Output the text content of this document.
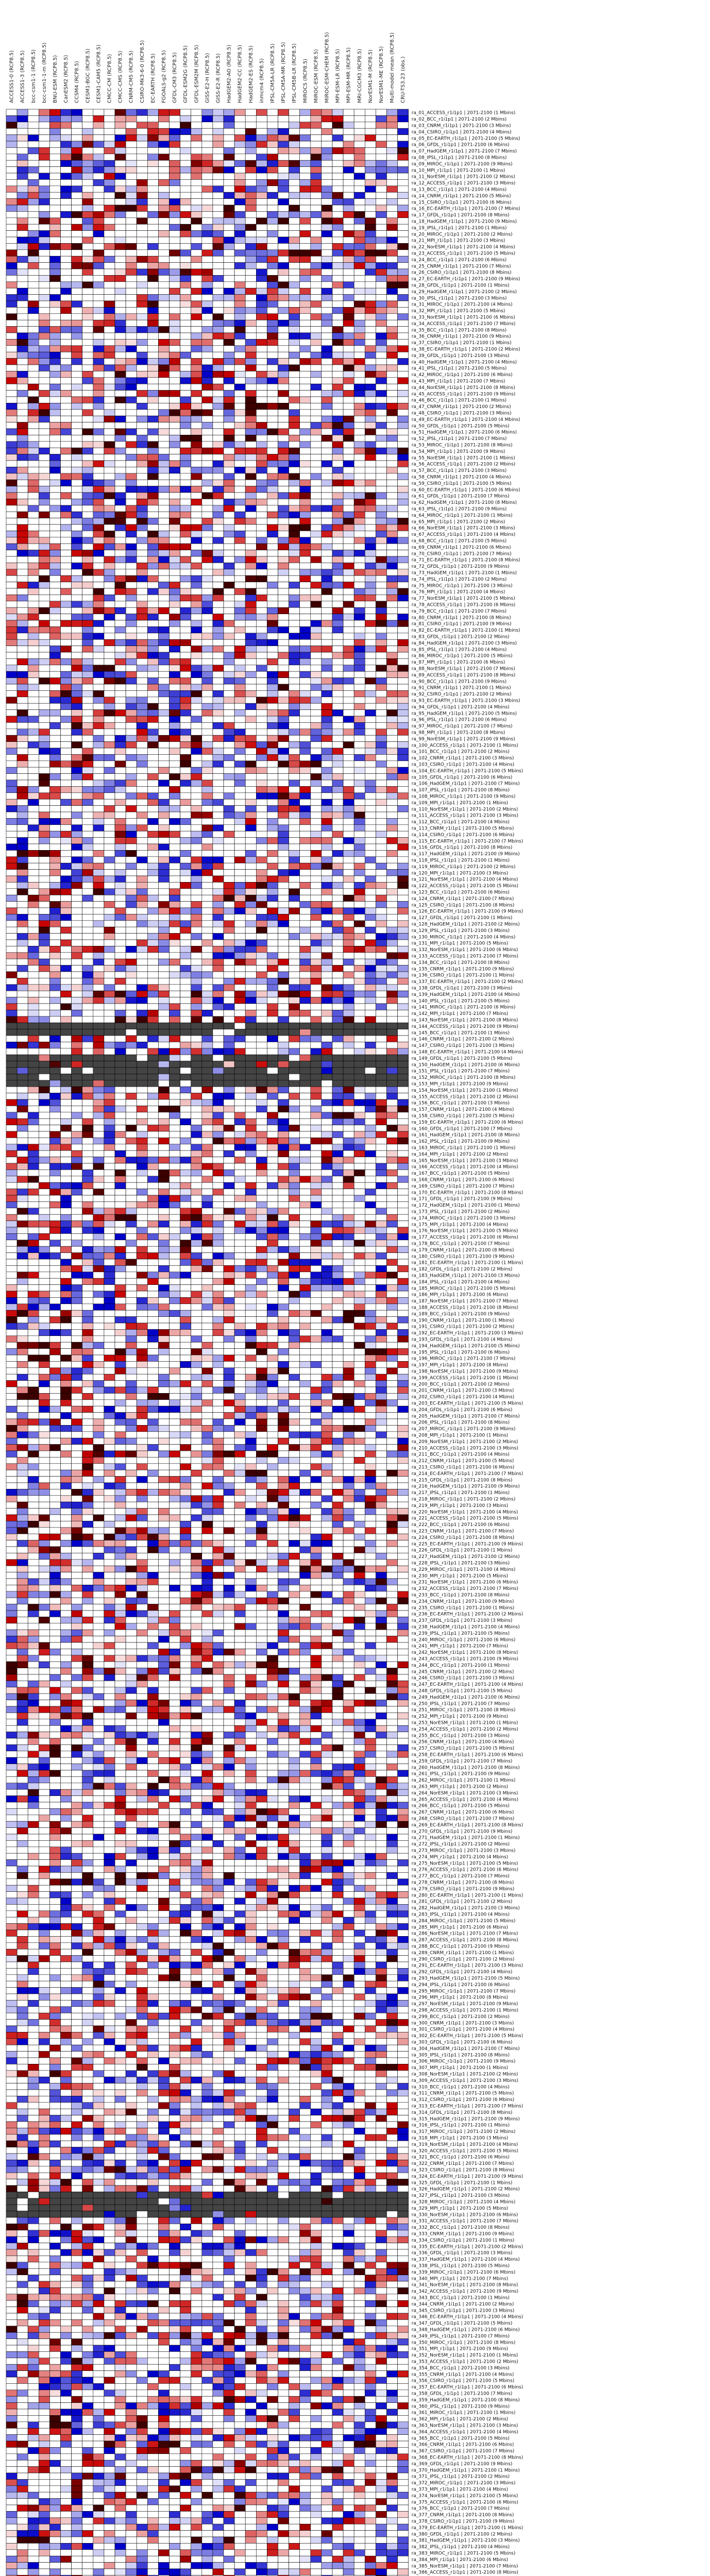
ACCESS1-0 (RCP8.5) ACCESS1-3 (RCP8.5) bcc-csm1-1 (RCP8.5) bcc-csm1-1-m (RCP8.5) BNU-ESM (RCP8.5) CanESM2 (RCP8.5) CCSM4 (RCP8.5) CESM1-BGC (RCP8.5) CESM1-CAM5 (RCP8.5) CMCC-CM (RCP8.5) CMCC-CMS (RCP8.5) CNRM-CM5 (RCP8.5) CSIRO-Mk3-6-0 (RCP8.5) EC-EARTH (RCP8.5) FGOALS-g2 (RCP8.5) GFDL-CM3 (RCP8.5) GFDL-ESM2G (RCP8.5) GFDL-ESM2M (RCP8.5) GISS-E2-H (RCP8.5) GISS-E2-R (RCP8.5) HadGEM2-AO (RCP8.5) HadGEM2-CC (RCP8.5) HadGEM2-ES (RCP8.5) inmcm4 (RCP8.5) IPSL-CM5A-LR (RCP8.5) IPSL-CM5A-MR (RCP8.5) IPSL-CM5B-LR (RCP8.5) MIROC5 (RCP8.5) MIROC-ESM (RCP8.5) MIROC-ESM-CHEM (RCP8.5) MPI-ESM-LR (RCP8.5) MPI-ESM-MR (RCP8.5) MRI-CGCM3 (RCP8.5) NorESM1-M (RCP8.5) NorESM1-ME (RCP8.5) Multi-model mean (RCP8.5) CRU-TS3.23 (obs.)
ra_01_ACCESS_r1i1p1 | 2071-2100 (1 Mbins)
ra_02_BCC_r1i1p1 | 2071-2100 (2 Mbins)
ra_03_CNRM_r1i1p1 | 2071-2100 (3 Mbins)
ra_04_CSIRO_r1i1p1 | 2071-2100 (4 Mbins)
ra_05_EC-EARTH_r1i1p1 | 2071-2100 (5 Mbins)
ra_06_GFDL_r1i1p1 | 2071-2100 (6 Mbins)
ra_07_HadGEM_r1i1p1 | 2071-2100 (7 Mbins)
ra_08_IPSL_r1i1p1 | 2071-2100 (8 Mbins)
ra_09_MIROC_r1i1p1 | 2071-2100 (9 Mbins)
ra_10_MPI_r1i1p1 | 2071-2100 (1 Mbins)
ra_11_NorESM_r1i1p1 | 2071-2100 (2 Mbins)
ra_12_ACCESS_r1i1p1 | 2071-2100 (3 Mbins)
ra_13_BCC_r1i1p1 | 2071-2100 (4 Mbins)
ra_14_CNRM_r1i1p1 | 2071-2100 (5 Mbins)
ra_15_CSIRO_r1i1p1 | 2071-2100 (6 Mbins)
ra_16_EC-EARTH_r1i1p1 | 2071-2100 (7 Mbins)
ra_17_GFDL_r1i1p1 | 2071-2100 (8 Mbins)
ra_18_HadGEM_r1i1p1 | 2071-2100 (9 Mbins)
ra_19_IPSL_r1i1p1 | 2071-2100 (1 Mbins)
ra_20_MIROC_r1i1p1 | 2071-2100 (2 Mbins)
ra_21_MPI_r1i1p1 | 2071-2100 (3 Mbins)
ra_22_NorESM_r1i1p1 | 2071-2100 (4 Mbins)
ra_23_ACCESS_r1i1p1 | 2071-2100 (5 Mbins)
ra_24_BCC_r1i1p1 | 2071-2100 (6 Mbins)
ra_25_CNRM_r1i1p1 | 2071-2100 (7 Mbins)
ra_26_CSIRO_r1i1p1 | 2071-2100 (8 Mbins)
ra_27_EC-EARTH_r1i1p1 | 2071-2100 (9 Mbins)
ra_28_GFDL_r1i1p1 | 2071-2100 (1 Mbins)
ra_29_HadGEM_r1i1p1 | 2071-2100 (2 Mbins)
ra_30_IPSL_r1i1p1 | 2071-2100 (3 Mbins)
ra_31_MIROC_r1i1p1 | 2071-2100 (4 Mbins)
ra_32_MPI_r1i1p1 | 2071-2100 (5 Mbins)
ra_33_NorESM_r1i1p1 | 2071-2100 (6 Mbins)
ra_34_ACCESS_r1i1p1 | 2071-2100 (7 Mbins)
ra_35_BCC_r1i1p1 | 2071-2100 (8 Mbins)
ra_36_CNRM_r1i1p1 | 2071-2100 (9 Mbins)
ra_37_CSIRO_r1i1p1 | 2071-2100 (1 Mbins)
ra_38_EC-EARTH_r1i1p1 | 2071-2100 (2 Mbins)
ra_39_GFDL_r1i1p1 | 2071-2100 (3 Mbins)
ra_40_HadGEM_r1i1p1 | 2071-2100 (4 Mbins)
ra_41_IPSL_r1i1p1 | 2071-2100 (5 Mbins)
ra_42_MIROC_r1i1p1 | 2071-2100 (6 Mbins)
ra_43_MPI_r1i1p1 | 2071-2100 (7 Mbins)
ra_44_NorESM_r1i1p1 | 2071-2100 (8 Mbins)
ra_45_ACCESS_r1i1p1 | 2071-2100 (9 Mbins)
ra_46_BCC_r1i1p1 | 2071-2100 (1 Mbins)
ra_47_CNRM_r1i1p1 | 2071-2100 (2 Mbins)
ra_48_CSIRO_r1i1p1 | 2071-2100 (3 Mbins)
ra_49_EC-EARTH_r1i1p1 | 2071-2100 (4 Mbins)
ra_50_GFDL_r1i1p1 | 2071-2100 (5 Mbins)
ra_51_HadGEM_r1i1p1 | 2071-2100 (6 Mbins)
ra_52_IPSL_r1i1p1 | 2071-2100 (7 Mbins)
ra_53_MIROC_r1i1p1 | 2071-2100 (8 Mbins)
ra_54_MPI_r1i1p1 | 2071-2100 (9 Mbins)
ra_55_NorESM_r1i1p1 | 2071-2100 (1 Mbins)
ra_56_ACCESS_r1i1p1 | 2071-2100 (2 Mbins)
ra_57_BCC_r1i1p1 | 2071-2100 (3 Mbins)
ra_58_CNRM_r1i1p1 | 2071-2100 (4 Mbins)
ra_59_CSIRO_r1i1p1 | 2071-2100 (5 Mbins)
ra_60_EC-EARTH_r1i1p1 | 2071-2100 (6 Mbins)
ra_61_GFDL_r1i1p1 | 2071-2100 (7 Mbins)
ra_62_HadGEM_r1i1p1 | 2071-2100 (8 Mbins)
ra_63_IPSL_r1i1p1 | 2071-2100 (9 Mbins)
ra_64_MIROC_r1i1p1 | 2071-2100 (1 Mbins)
ra_65_MPI_r1i1p1 | 2071-2100 (2 Mbins)
ra_66_NorESM_r1i1p1 | 2071-2100 (3 Mbins)
ra_67_ACCESS_r1i1p1 | 2071-2100 (4 Mbins)
ra_68_BCC_r1i1p1 | 2071-2100 (5 Mbins)
ra_69_CNRM_r1i1p1 | 2071-2100 (6 Mbins)
ra_70_CSIRO_r1i1p1 | 2071-2100 (7 Mbins)
ra_71_EC-EARTH_r1i1p1 | 2071-2100 (8 Mbins)
ra_72_GFDL_r1i1p1 | 2071-2100 (9 Mbins)
ra_73_HadGEM_r1i1p1 | 2071-2100 (1 Mbins)
ra_74_IPSL_r1i1p1 | 2071-2100 (2 Mbins)
ra_75_MIROC_r1i1p1 | 2071-2100 (3 Mbins)
ra_76_MPI_r1i1p1 | 2071-2100 (4 Mbins)
ra_77_NorESM_r1i1p1 | 2071-2100 (5 Mbins)
ra_78_ACCESS_r1i1p1 | 2071-2100 (6 Mbins)
ra_79_BCC_r1i1p1 | 2071-2100 (7 Mbins)
ra_80_CNRM_r1i1p1 | 2071-2100 (8 Mbins)
ra_81_CSIRO_r1i1p1 | 2071-2100 (9 Mbins)
ra_82_EC-EARTH_r1i1p1 | 2071-2100 (1 Mbins)
ra_83_GFDL_r1i1p1 | 2071-2100 (2 Mbins)
ra_84_HadGEM_r1i1p1 | 2071-2100 (3 Mbins)
ra_85_IPSL_r1i1p1 | 2071-2100 (4 Mbins)
ra_86_MIROC_r1i1p1 | 2071-2100 (5 Mbins)
ra_87_MPI_r1i1p1 | 2071-2100 (6 Mbins)
ra_88_NorESM_r1i1p1 | 2071-2100 (7 Mbins)
ra_89_ACCESS_r1i1p1 | 2071-2100 (8 Mbins)
ra_90_BCC_r1i1p1 | 2071-2100 (9 Mbins)
ra_91_CNRM_r1i1p1 | 2071-2100 (1 Mbins)
ra_92_CSIRO_r1i1p1 | 2071-2100 (2 Mbins)
ra_93_EC-EARTH_r1i1p1 | 2071-2100 (3 Mbins)
ra_94_GFDL_r1i1p1 | 2071-2100 (4 Mbins)
ra_95_HadGEM_r1i1p1 | 2071-2100 (5 Mbins)
ra_96_IPSL_r1i1p1 | 2071-2100 (6 Mbins)
ra_97_MIROC_r1i1p1 | 2071-2100 (7 Mbins)
ra_98_MPI_r1i1p1 | 2071-2100 (8 Mbins)
ra_99_NorESM_r1i1p1 | 2071-2100 (9 Mbins)
ra_100_ACCESS_r1i1p1 | 2071-2100 (1 Mbins)
ra_101_BCC_r1i1p1 | 2071-2100 (2 Mbins)
ra_102_CNRM_r1i1p1 | 2071-2100 (3 Mbins)
ra_103_CSIRO_r1i1p1 | 2071-2100 (4 Mbins)
ra_104_EC-EARTH_r1i1p1 | 2071-2100 (5 Mbins)
ra_105_GFDL_r1i1p1 | 2071-2100 (6 Mbins)
ra_106_HadGEM_r1i1p1 | 2071-2100 (7 Mbins)
ra_107_IPSL_r1i1p1 | 2071-2100 (8 Mbins)
ra_108_MIROC_r1i1p1 | 2071-2100 (9 Mbins)
ra_109_MPI_r1i1p1 | 2071-2100 (1 Mbins)
ra_110_NorESM_r1i1p1 | 2071-2100 (2 Mbins)
ra_111_ACCESS_r1i1p1 | 2071-2100 (3 Mbins)
ra_112_BCC_r1i1p1 | 2071-2100 (4 Mbins)
ra_113_CNRM_r1i1p1 | 2071-2100 (5 Mbins)
ra_114_CSIRO_r1i1p1 | 2071-2100 (6 Mbins)
ra_115_EC-EARTH_r1i1p1 | 2071-2100 (7 Mbins)
ra_116_GFDL_r1i1p1 | 2071-2100 (8 Mbins)
ra_117_HadGEM_r1i1p1 | 2071-2100 (9 Mbins)
ra_118_IPSL_r1i1p1 | 2071-2100 (1 Mbins)
ra_119_MIROC_r1i1p1 | 2071-2100 (2 Mbins)
ra_120_MPI_r1i1p1 | 2071-2100 (3 Mbins)
ra_121_NorESM_r1i1p1 | 2071-2100 (4 Mbins)
ra_122_ACCESS_r1i1p1 | 2071-2100 (5 Mbins)
ra_123_BCC_r1i1p1 | 2071-2100 (6 Mbins)
ra_124_CNRM_r1i1p1 | 2071-2100 (7 Mbins)
ra_125_CSIRO_r1i1p1 | 2071-2100 (8 Mbins)
ra_126_EC-EARTH_r1i1p1 | 2071-2100 (9 Mbins)
ra_127_GFDL_r1i1p1 | 2071-2100 (1 Mbins)
ra_128_HadGEM_r1i1p1 | 2071-2100 (2 Mbins)
ra_129_IPSL_r1i1p1 | 2071-2100 (3 Mbins)
ra_130_MIROC_r1i1p1 | 2071-2100 (4 Mbins)
ra_131_MPI_r1i1p1 | 2071-2100 (5 Mbins)
ra_132_NorESM_r1i1p1 | 2071-2100 (6 Mbins)
ra_133_ACCESS_r1i1p1 | 2071-2100 (7 Mbins)
ra_134_BCC_r1i1p1 | 2071-2100 (8 Mbins)
ra_135_CNRM_r1i1p1 | 2071-2100 (9 Mbins)
ra_136_CSIRO_r1i1p1 | 2071-2100 (1 Mbins)
ra_137_EC-EARTH_r1i1p1 | 2071-2100 (2 Mbins)
ra_138_GFDL_r1i1p1 | 2071-2100 (3 Mbins)
ra_139_HadGEM_r1i1p1 | 2071-2100 (4 Mbins)
ra_140_IPSL_r1i1p1 | 2071-2100 (5 Mbins)
ra_141_MIROC_r1i1p1 | 2071-2100 (6 Mbins)
ra_142_MPI_r1i1p1 | 2071-2100 (7 Mbins)
ra_143_NorESM_r1i1p1 | 2071-2100 (8 Mbins)
ra_144_ACCESS_r1i1p1 | 2071-2100 (9 Mbins)
ra_145_BCC_r1i1p1 | 2071-2100 (1 Mbins)
ra_146_CNRM_r1i1p1 | 2071-2100 (2 Mbins)
ra_147_CSIRO_r1i1p1 | 2071-2100 (3 Mbins)
ra_148_EC-EARTH_r1i1p1 | 2071-2100 (4 Mbins)
ra_149_GFDL_r1i1p1 | 2071-2100 (5 Mbins)
ra_150_HadGEM_r1i1p1 | 2071-2100 (6 Mbins)
ra_151_IPSL_r1i1p1 | 2071-2100 (7 Mbins)
ra_152_MIROC_r1i1p1 | 2071-2100 (8 Mbins)
ra_153_MPI_r1i1p1 | 2071-2100 (9 Mbins)
ra_154_NorESM_r1i1p1 | 2071-2100 (1 Mbins)
ra_155_ACCESS_r1i1p1 | 2071-2100 (2 Mbins)
ra_156_BCC_r1i1p1 | 2071-2100 (3 Mbins)
ra_157_CNRM_r1i1p1 | 2071-2100 (4 Mbins)
ra_158_CSIRO_r1i1p1 | 2071-2100 (5 Mbins)
ra_159_EC-EARTH_r1i1p1 | 2071-2100 (6 Mbins)
ra_160_GFDL_r1i1p1 | 2071-2100 (7 Mbins)
ra_161_HadGEM_r1i1p1 | 2071-2100 (8 Mbins)
ra_162_IPSL_r1i1p1 | 2071-2100 (9 Mbins)
ra_163_MIROC_r1i1p1 | 2071-2100 (1 Mbins)
ra_164_MPI_r1i1p1 | 2071-2100 (2 Mbins)
ra_165_NorESM_r1i1p1 | 2071-2100 (3 Mbins)
ra_166_ACCESS_r1i1p1 | 2071-2100 (4 Mbins)
ra_167_BCC_r1i1p1 | 2071-2100 (5 Mbins)
ra_168_CNRM_r1i1p1 | 2071-2100 (6 Mbins)
ra_169_CSIRO_r1i1p1 | 2071-2100 (7 Mbins)
ra_170_EC-EARTH_r1i1p1 | 2071-2100 (8 Mbins)
ra_171_GFDL_r1i1p1 | 2071-2100 (9 Mbins)
ra_172_HadGEM_r1i1p1 | 2071-2100 (1 Mbins)
ra_173_IPSL_r1i1p1 | 2071-2100 (2 Mbins)
ra_174_MIROC_r1i1p1 | 2071-2100 (3 Mbins)
ra_175_MPI_r1i1p1 | 2071-2100 (4 Mbins)
ra_176_NorESM_r1i1p1 | 2071-2100 (5 Mbins)
ra_177_ACCESS_r1i1p1 | 2071-2100 (6 Mbins)
ra_178_BCC_r1i1p1 | 2071-2100 (7 Mbins)
ra_179_CNRM_r1i1p1 | 2071-2100 (8 Mbins)
ra_180_CSIRO_r1i1p1 | 2071-2100 (9 Mbins)
ra_181_EC-EARTH_r1i1p1 | 2071-2100 (1 Mbins)
ra_182_GFDL_r1i1p1 | 2071-2100 (2 Mbins)
ra_183_HadGEM_r1i1p1 | 2071-2100 (3 Mbins)
ra_184_IPSL_r1i1p1 | 2071-2100 (4 Mbins)
ra_185_MIROC_r1i1p1 | 2071-2100 (5 Mbins)
ra_186_MPI_r1i1p1 | 2071-2100 (6 Mbins)
ra_187_NorESM_r1i1p1 | 2071-2100 (7 Mbins)
ra_188_ACCESS_r1i1p1 | 2071-2100 (8 Mbins)
ra_189_BCC_r1i1p1 | 2071-2100 (9 Mbins)
ra_190_CNRM_r1i1p1 | 2071-2100 (1 Mbins)
ra_191_CSIRO_r1i1p1 | 2071-2100 (2 Mbins)
ra_192_EC-EARTH_r1i1p1 | 2071-2100 (3 Mbins)
ra_193_GFDL_r1i1p1 | 2071-2100 (4 Mbins)
ra_194_HadGEM_r1i1p1 | 2071-2100 (5 Mbins)
ra_195_IPSL_r1i1p1 | 2071-2100 (6 Mbins)
ra_196_MIROC_r1i1p1 | 2071-2100 (7 Mbins)
ra_197_MPI_r1i1p1 | 2071-2100 (8 Mbins)
ra_198_NorESM_r1i1p1 | 2071-2100 (9 Mbins)
ra_199_ACCESS_r1i1p1 | 2071-2100 (1 Mbins)
ra_200_BCC_r1i1p1 | 2071-2100 (2 Mbins)
ra_201_CNRM_r1i1p1 | 2071-2100 (3 Mbins)
ra_202_CSIRO_r1i1p1 | 2071-2100 (4 Mbins)
ra_203_EC-EARTH_r1i1p1 | 2071-2100 (5 Mbins)
ra_204_GFDL_r1i1p1 | 2071-2100 (6 Mbins)
ra_205_HadGEM_r1i1p1 | 2071-2100 (7 Mbins)
ra_206_IPSL_r1i1p1 | 2071-2100 (8 Mbins)
ra_207_MIROC_r1i1p1 | 2071-2100 (9 Mbins)
ra_208_MPI_r1i1p1 | 2071-2100 (1 Mbins)
ra_209_NorESM_r1i1p1 | 2071-2100 (2 Mbins)
ra_210_ACCESS_r1i1p1 | 2071-2100 (3 Mbins)
ra_211_BCC_r1i1p1 | 2071-2100 (4 Mbins)
ra_212_CNRM_r1i1p1 | 2071-2100 (5 Mbins)
ra_213_CSIRO_r1i1p1 | 2071-2100 (6 Mbins)
ra_214_EC-EARTH_r1i1p1 | 2071-2100 (7 Mbins)
ra_215_GFDL_r1i1p1 | 2071-2100 (8 Mbins)
ra_216_HadGEM_r1i1p1 | 2071-2100 (9 Mbins)
ra_217_IPSL_r1i1p1 | 2071-2100 (1 Mbins)
ra_218_MIROC_r1i1p1 | 2071-2100 (2 Mbins)
ra_219_MPI_r1i1p1 | 2071-2100 (3 Mbins)
ra_220_NorESM_r1i1p1 | 2071-2100 (4 Mbins)
ra_221_ACCESS_r1i1p1 | 2071-2100 (5 Mbins)
ra_222_BCC_r1i1p1 | 2071-2100 (6 Mbins)
ra_223_CNRM_r1i1p1 | 2071-2100 (7 Mbins)
ra_224_CSIRO_r1i1p1 | 2071-2100 (8 Mbins)
ra_225_EC-EARTH_r1i1p1 | 2071-2100 (9 Mbins)
ra_226_GFDL_r1i1p1 | 2071-2100 (1 Mbins)
ra_227_HadGEM_r1i1p1 | 2071-2100 (2 Mbins)
ra_228_IPSL_r1i1p1 | 2071-2100 (3 Mbins)
ra_229_MIROC_r1i1p1 | 2071-2100 (4 Mbins)
ra_230_MPI_r1i1p1 | 2071-2100 (5 Mbins)
ra_231_NorESM_r1i1p1 | 2071-2100 (6 Mbins)
ra_232_ACCESS_r1i1p1 | 2071-2100 (7 Mbins)
ra_233_BCC_r1i1p1 | 2071-2100 (8 Mbins)
ra_234_CNRM_r1i1p1 | 2071-2100 (9 Mbins)
ra_235_CSIRO_r1i1p1 | 2071-2100 (1 Mbins)
ra_236_EC-EARTH_r1i1p1 | 2071-2100 (2 Mbins)
ra_237_GFDL_r1i1p1 | 2071-2100 (3 Mbins)
ra_238_HadGEM_r1i1p1 | 2071-2100 (4 Mbins)
ra_239_IPSL_r1i1p1 | 2071-2100 (5 Mbins)
ra_240_MIROC_r1i1p1 | 2071-2100 (6 Mbins)
ra_241_MPI_r1i1p1 | 2071-2100 (7 Mbins)
ra_242_NorESM_r1i1p1 | 2071-2100 (8 Mbins)
ra_243_ACCESS_r1i1p1 | 2071-2100 (9 Mbins)
ra_244_BCC_r1i1p1 | 2071-2100 (1 Mbins)
ra_245_CNRM_r1i1p1 | 2071-2100 (2 Mbins)
ra_246_CSIRO_r1i1p1 | 2071-2100 (3 Mbins)
ra_247_EC-EARTH_r1i1p1 | 2071-2100 (4 Mbins)
ra_248_GFDL_r1i1p1 | 2071-2100 (5 Mbins)
ra_249_HadGEM_r1i1p1 | 2071-2100 (6 Mbins)
ra_250_IPSL_r1i1p1 | 2071-2100 (7 Mbins)
ra_251_MIROC_r1i1p1 | 2071-2100 (8 Mbins)
ra_252_MPI_r1i1p1 | 2071-2100 (9 Mbins)
ra_253_NorESM_r1i1p1 | 2071-2100 (1 Mbins)
ra_254_ACCESS_r1i1p1 | 2071-2100 (2 Mbins)
ra_255_BCC_r1i1p1 | 2071-2100 (3 Mbins)
ra_256_CNRM_r1i1p1 | 2071-2100 (4 Mbins)
ra_257_CSIRO_r1i1p1 | 2071-2100 (5 Mbins)
ra_258_EC-EARTH_r1i1p1 | 2071-2100 (6 Mbins)
ra_259_GFDL_r1i1p1 | 2071-2100 (7 Mbins)
ra_260_HadGEM_r1i1p1 | 2071-2100 (8 Mbins)
ra_261_IPSL_r1i1p1 | 2071-2100 (9 Mbins)
ra_262_MIROC_r1i1p1 | 2071-2100 (1 Mbins)
ra_263_MPI_r1i1p1 | 2071-2100 (2 Mbins)
ra_264_NorESM_r1i1p1 | 2071-2100 (3 Mbins)
ra_265_ACCESS_r1i1p1 | 2071-2100 (4 Mbins)
ra_266_BCC_r1i1p1 | 2071-2100 (5 Mbins)
ra_267_CNRM_r1i1p1 | 2071-2100 (6 Mbins)
ra_268_CSIRO_r1i1p1 | 2071-2100 (7 Mbins)
ra_269_EC-EARTH_r1i1p1 | 2071-2100 (8 Mbins)
ra_270_GFDL_r1i1p1 | 2071-2100 (9 Mbins)
ra_271_HadGEM_r1i1p1 | 2071-2100 (1 Mbins)
ra_272_IPSL_r1i1p1 | 2071-2100 (2 Mbins)
ra_273_MIROC_r1i1p1 | 2071-2100 (3 Mbins)
ra_274_MPI_r1i1p1 | 2071-2100 (4 Mbins)
ra_275_NorESM_r1i1p1 | 2071-2100 (5 Mbins)
ra_276_ACCESS_r1i1p1 | 2071-2100 (6 Mbins)
ra_277_BCC_r1i1p1 | 2071-2100 (7 Mbins)
ra_278_CNRM_r1i1p1 | 2071-2100 (8 Mbins)
ra_279_CSIRO_r1i1p1 | 2071-2100 (9 Mbins)
ra_280_EC-EARTH_r1i1p1 | 2071-2100 (1 Mbins)
ra_281_GFDL_r1i1p1 | 2071-2100 (2 Mbins)
ra_282_HadGEM_r1i1p1 | 2071-2100 (3 Mbins)
ra_283_IPSL_r1i1p1 | 2071-2100 (4 Mbins)
ra_284_MIROC_r1i1p1 | 2071-2100 (5 Mbins)
ra_285_MPI_r1i1p1 | 2071-2100 (6 Mbins)
ra_286_NorESM_r1i1p1 | 2071-2100 (7 Mbins)
ra_287_ACCESS_r1i1p1 | 2071-2100 (8 Mbins)
ra_288_BCC_r1i1p1 | 2071-2100 (9 Mbins)
ra_289_CNRM_r1i1p1 | 2071-2100 (1 Mbins)
ra_290_CSIRO_r1i1p1 | 2071-2100 (2 Mbins)
ra_291_EC-EARTH_r1i1p1 | 2071-2100 (3 Mbins)
ra_292_GFDL_r1i1p1 | 2071-2100 (4 Mbins)
ra_293_HadGEM_r1i1p1 | 2071-2100 (5 Mbins)
ra_294_IPSL_r1i1p1 | 2071-2100 (6 Mbins)
ra_295_MIROC_r1i1p1 | 2071-2100 (7 Mbins)
ra_296_MPI_r1i1p1 | 2071-2100 (8 Mbins)
ra_297_NorESM_r1i1p1 | 2071-2100 (9 Mbins)
ra_298_ACCESS_r1i1p1 | 2071-2100 (1 Mbins)
ra_299_BCC_r1i1p1 | 2071-2100 (2 Mbins)
ra_300_CNRM_r1i1p1 | 2071-2100 (3 Mbins)
ra_301_CSIRO_r1i1p1 | 2071-2100 (4 Mbins)
ra_302_EC-EARTH_r1i1p1 | 2071-2100 (5 Mbins)
ra_303_GFDL_r1i1p1 | 2071-2100 (6 Mbins)
ra_304_HadGEM_r1i1p1 | 2071-2100 (7 Mbins)
ra_305_IPSL_r1i1p1 | 2071-2100 (8 Mbins)
ra_306_MIROC_r1i1p1 | 2071-2100 (9 Mbins)
ra_307_MPI_r1i1p1 | 2071-2100 (1 Mbins)
ra_308_NorESM_r1i1p1 | 2071-2100 (2 Mbins)
ra_309_ACCESS_r1i1p1 | 2071-2100 (3 Mbins)
ra_310_BCC_r1i1p1 | 2071-2100 (4 Mbins)
ra_311_CNRM_r1i1p1 | 2071-2100 (5 Mbins)
ra_312_CSIRO_r1i1p1 | 2071-2100 (6 Mbins)
ra_313_EC-EARTH_r1i1p1 | 2071-2100 (7 Mbins)
ra_314_GFDL_r1i1p1 | 2071-2100 (8 Mbins)
ra_315_HadGEM_r1i1p1 | 2071-2100 (9 Mbins)
ra_316_IPSL_r1i1p1 | 2071-2100 (1 Mbins)
ra_317_MIROC_r1i1p1 | 2071-2100 (2 Mbins)
ra_318_MPI_r1i1p1 | 2071-2100 (3 Mbins)
ra_319_NorESM_r1i1p1 | 2071-2100 (4 Mbins)
ra_320_ACCESS_r1i1p1 | 2071-2100 (5 Mbins)
ra_321_BCC_r1i1p1 | 2071-2100 (6 Mbins)
ra_322_CNRM_r1i1p1 | 2071-2100 (7 Mbins)
ra_323_CSIRO_r1i1p1 | 2071-2100 (8 Mbins)
ra_324_EC-EARTH_r1i1p1 | 2071-2100 (9 Mbins)
ra_325_GFDL_r1i1p1 | 2071-2100 (1 Mbins)
ra_326_HadGEM_r1i1p1 | 2071-2100 (2 Mbins)
ra_327_IPSL_r1i1p1 | 2071-2100 (3 Mbins)
ra_328_MIROC_r1i1p1 | 2071-2100 (4 Mbins)
ra_329_MPI_r1i1p1 | 2071-2100 (5 Mbins)
ra_330_NorESM_r1i1p1 | 2071-2100 (6 Mbins)
ra_331_ACCESS_r1i1p1 | 2071-2100 (7 Mbins)
ra_332_BCC_r1i1p1 | 2071-2100 (8 Mbins)
ra_333_CNRM_r1i1p1 | 2071-2100 (9 Mbins)
ra_334_CSIRO_r1i1p1 | 2071-2100 (1 Mbins)
ra_335_EC-EARTH_r1i1p1 | 2071-2100 (2 Mbins)
ra_336_GFDL_r1i1p1 | 2071-2100 (3 Mbins)
ra_337_HadGEM_r1i1p1 | 2071-2100 (4 Mbins)
ra_338_IPSL_r1i1p1 | 2071-2100 (5 Mbins)
ra_339_MIROC_r1i1p1 | 2071-2100 (6 Mbins)
ra_340_MPI_r1i1p1 | 2071-2100 (7 Mbins)
ra_341_NorESM_r1i1p1 | 2071-2100 (8 Mbins)
ra_342_ACCESS_r1i1p1 | 2071-2100 (9 Mbins)
ra_343_BCC_r1i1p1 | 2071-2100 (1 Mbins)
ra_344_CNRM_r1i1p1 | 2071-2100 (2 Mbins)
ra_345_CSIRO_r1i1p1 | 2071-2100 (3 Mbins)
ra_346_EC-EARTH_r1i1p1 | 2071-2100 (4 Mbins)
ra_347_GFDL_r1i1p1 | 2071-2100 (5 Mbins)
ra_348_HadGEM_r1i1p1 | 2071-2100 (6 Mbins)
ra_349_IPSL_r1i1p1 | 2071-2100 (7 Mbins)
ra_350_MIROC_r1i1p1 | 2071-2100 (8 Mbins)
ra_351_MPI_r1i1p1 | 2071-2100 (9 Mbins)
ra_352_NorESM_r1i1p1 | 2071-2100 (1 Mbins)
ra_353_ACCESS_r1i1p1 | 2071-2100 (2 Mbins)
ra_354_BCC_r1i1p1 | 2071-2100 (3 Mbins)
ra_355_CNRM_r1i1p1 | 2071-2100 (4 Mbins)
ra_356_CSIRO_r1i1p1 | 2071-2100 (5 Mbins)
ra_357_EC-EARTH_r1i1p1 | 2071-2100 (6 Mbins)
ra_358_GFDL_r1i1p1 | 2071-2100 (7 Mbins)
ra_359_HadGEM_r1i1p1 | 2071-2100 (8 Mbins)
ra_360_IPSL_r1i1p1 | 2071-2100 (9 Mbins)
ra_361_MIROC_r1i1p1 | 2071-2100 (1 Mbins)
ra_362_MPI_r1i1p1 | 2071-2100 (2 Mbins)
ra_363_NorESM_r1i1p1 | 2071-2100 (3 Mbins)
ra_364_ACCESS_r1i1p1 | 2071-2100 (4 Mbins)
ra_365_BCC_r1i1p1 | 2071-2100 (5 Mbins)
ra_366_CNRM_r1i1p1 | 2071-2100 (6 Mbins)
ra_367_CSIRO_r1i1p1 | 2071-2100 (7 Mbins)
ra_368_EC-EARTH_r1i1p1 | 2071-2100 (8 Mbins)
ra_369_GFDL_r1i1p1 | 2071-2100 (9 Mbins)
ra_370_HadGEM_r1i1p1 | 2071-2100 (1 Mbins)
ra_371_IPSL_r1i1p1 | 2071-2100 (2 Mbins)
ra_372_MIROC_r1i1p1 | 2071-2100 (3 Mbins)
ra_373_MPI_r1i1p1 | 2071-2100 (4 Mbins)
ra_374_NorESM_r1i1p1 | 2071-2100 (5 Mbins)
ra_375_ACCESS_r1i1p1 | 2071-2100 (6 Mbins)
ra_376_BCC_r1i1p1 | 2071-2100 (7 Mbins)
ra_377_CNRM_r1i1p1 | 2071-2100 (8 Mbins)
ra_378_CSIRO_r1i1p1 | 2071-2100 (9 Mbins)
ra_379_EC-EARTH_r1i1p1 | 2071-2100 (1 Mbins)
ra_380_GFDL_r1i1p1 | 2071-2100 (2 Mbins)
ra_381_HadGEM_r1i1p1 | 2071-2100 (3 Mbins)
ra_382_IPSL_r1i1p1 | 2071-2100 (4 Mbins)
ra_383_MIROC_r1i1p1 | 2071-2100 (5 Mbins)
ra_384_MPI_r1i1p1 | 2071-2100 (6 Mbins)
ra_385_NorESM_r1i1p1 | 2071-2100 (7 Mbins)
ra_386_ACCESS_r1i1p1 | 2071-2100 (8 Mbins)
